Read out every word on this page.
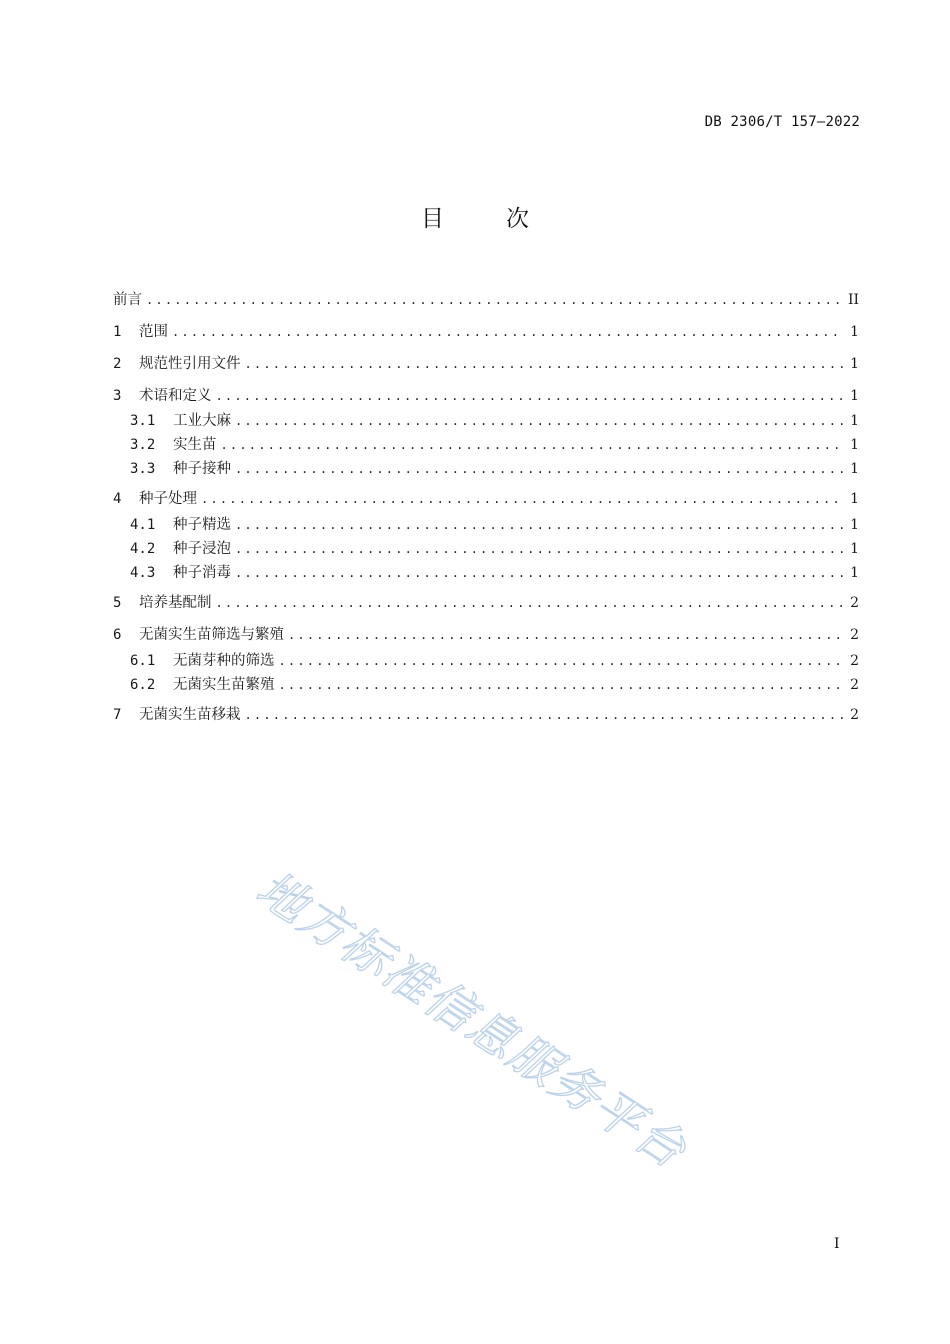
DB 2306/T 157—2022
目次
前言 .....	II
1	范围 .....	1
2	规范性引用文件 .....	1
3	术语和定义 .....	1
3.1	工业大麻 .....	1
3.2	实生苗 .....	1
3.3	种子接种 .....	1
4	种子处理 .....	1
4.1	种子精选 .....	1
4.2	种子浸泡 .....	1
4.3	种子消毒 .....	1
5	培养基配制 .....	2
6	无菌实生苗筛选与繁殖 .....	2
6.1	无菌芽种的筛选 .....	2
6.2	无菌实生苗繁殖 .....	2
7	无菌实生苗移栽 .....	2
地方标准信息服务平台
I
